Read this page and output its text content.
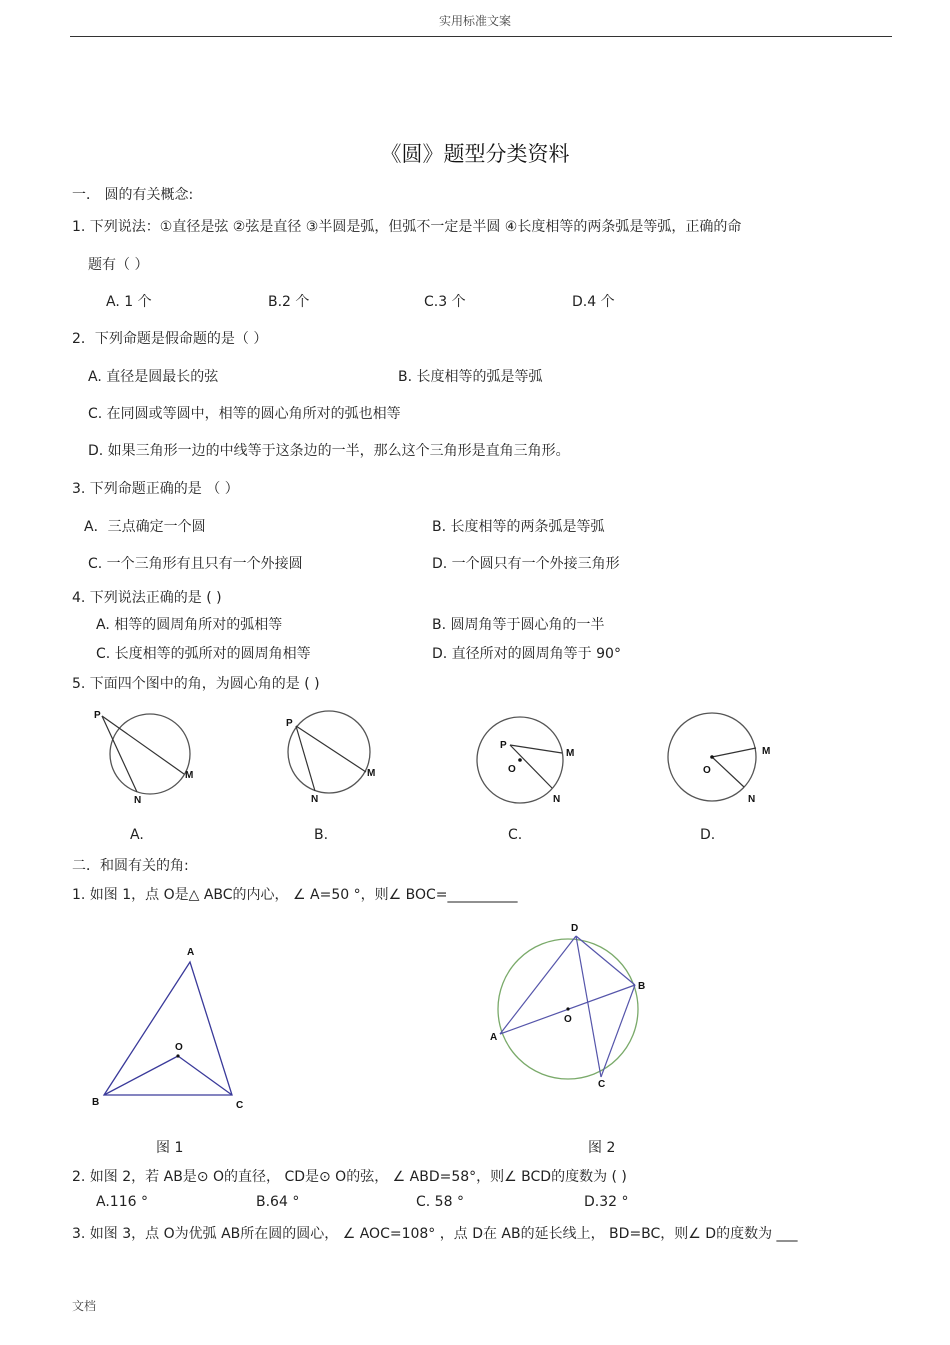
实用标准文案
《圆》题型分类资料
一． 圆的有关概念:
1. 下列说法：①直径是弦 ②弦是直径 ③半圆是弧，但弧不一定是半圆 ④长度相等的两条弧是等弧，正确的命
题有（ ）
A. 1 个	B.2 个	C.3 个	D.4 个
2．下列命题是假命题的是（ ）
A. 直径是圆最长的弦	B. 长度相等的弧是等弧
C. 在同圆或等圆中，相等的圆心角所对的弧也相等
D. 如果三角形一边的中线等于这条边的一半，那么这个三角形是直角三角形。
3. 下列命题正确的是 （ ）
A．三点确定一个圆	B. 长度相等的两条弧是等弧
C. 一个三角形有且只有一个外接圆	D. 一个圆只有一个外接三角形
4. 下列说法正确的是 ( )
A. 相等的圆周角所对的弧相等	B. 圆周角等于圆心角的一半
C. 长度相等的弧所对的圆周角相等	D. 直径所对的圆周角等于 90°
5. 下面四个图中的角，为圆心角的是 ( )
P
M
N
P
M
N
P
O
M
N
O
M
N
A.	B.	C.	D.
二．和圆有关的角:
1. 如图 1，点 O是△ ABC的内心， ∠ A=50 °，则∠ BOC=__________
A
O
B	C
图 1
D
B
O
A
C
图 2
2. 如图 2，若 AB是⊙ O的直径， CD是⊙ O的弦， ∠ ABD=58°，则∠ BCD的度数为 ( )
A.116 °	B.64 °	C. 58 °	D.32 °
3. 如图 3，点 O为优弧 AB所在圆的圆心， ∠ AOC=108° ，点 D在 AB的延长线上， BD=BC，则∠ D的度数为 ___
文档
